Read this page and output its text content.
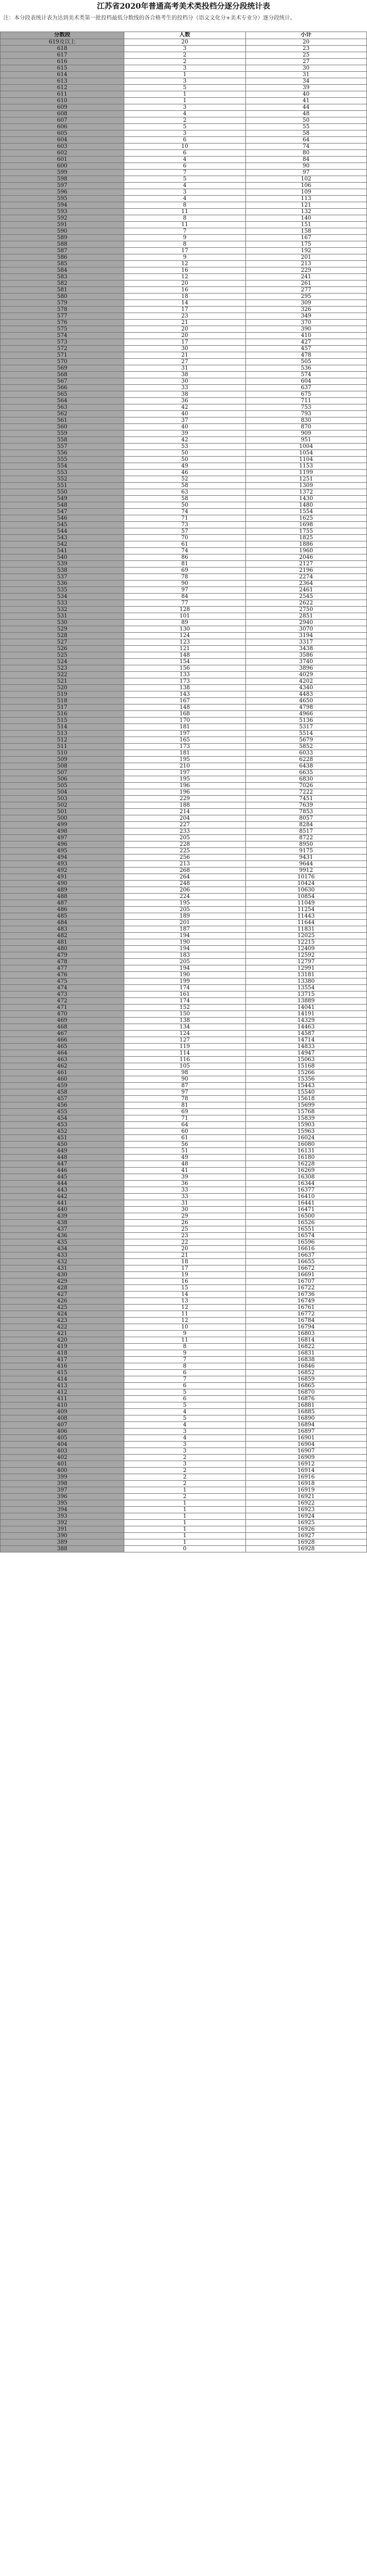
江苏省2020年普通高考美术类投档分逐分段统计表
注：本分段表统计表为达到美术类第一批投档最低分数线的各合格考生的投档分（语文文化分+美术专业分）逐分段统计。
分数段	人数	小计
619及以上	20	20
618	3	23
617	2	25
616	2	27
615	3	30
614	1	31
613	3	34
612	5	39
611	1	40
610	1	41
609	3	44
608	4	48
607	2	50
606	5	55
605	3	58
604	6	64
603	10	74
602	6	80
601	4	84
600	6	90
599	7	97
598	5	102
597	4	106
596	3	109
595	4	113
594	8	121
593	11	132
592	8	140
591	11	151
590	7	158
589	9	167
588	8	175
587	17	192
586	9	201
585	12	213
584	16	229
583	12	241
582	20	261
581	16	277
580	18	295
579	14	309
578	17	326
577	23	349
576	21	370
575	20	390
574	20	410
573	17	427
572	30	457
571	21	478
570	27	505
569	31	536
568	38	574
567	30	604
566	33	637
565	38	675
564	36	711
563	42	753
562	40	793
561	37	830
560	40	870
559	39	909
558	42	951
557	53	1004
556	50	1054
555	50	1104
554	49	1153
553	46	1199
552	52	1251
551	58	1309
550	63	1372
549	58	1430
548	50	1480
547	74	1554
546	71	1625
545	73	1698
544	57	1755
543	70	1825
542	61	1886
541	74	1960
540	86	2046
539	81	2127
538	69	2196
537	78	2274
536	90	2364
535	97	2461
534	84	2545
533	77	2622
532	128	2750
531	101	2851
530	89	2940
529	130	3070
528	124	3194
527	123	3317
526	121	3438
525	148	3586
524	154	3740
523	156	3896
522	133	4029
521	173	4202
520	138	4340
519	143	4483
518	167	4650
517	148	4798
516	168	4966
515	170	5136
514	181	5317
513	197	5514
512	165	5679
511	173	5852
510	181	6033
509	195	6228
508	210	6438
507	197	6635
506	195	6830
505	196	7026
504	196	7222
503	229	7451
502	188	7639
501	214	7853
500	204	8057
499	227	8284
498	233	8517
497	205	8722
496	228	8950
495	225	9175
494	256	9431
493	213	9644
492	268	9912
491	264	10176
490	248	10424
489	206	10630
488	224	10854
487	195	11049
486	205	11254
485	189	11443
484	201	11644
483	187	11831
482	194	12025
481	190	12215
480	194	12409
479	183	12592
478	205	12797
477	194	12991
476	190	13181
475	199	13380
474	174	13554
473	161	13715
472	174	13889
471	152	14041
470	150	14191
469	138	14329
468	134	14463
467	124	14587
466	127	14714
465	119	14833
464	114	14947
463	116	15063
462	105	15168
461	98	15266
460	90	15356
459	87	15443
458	97	15540
457	78	15618
456	81	15699
455	69	15768
454	71	15839
453	64	15903
452	60	15963
451	61	16024
450	56	16080
449	51	16131
448	49	16180
447	48	16228
446	41	16269
445	39	16308
444	36	16344
443	33	16377
442	33	16410
441	31	16441
440	30	16471
439	29	16500
438	26	16526
437	25	16551
436	23	16574
435	22	16596
434	20	16616
433	21	16637
432	18	16655
431	17	16672
430	19	16691
429	16	16707
428	15	16722
427	14	16736
426	13	16749
425	12	16761
424	11	16772
423	12	16784
422	10	16794
421	9	16803
420	11	16814
419	8	16822
418	9	16831
417	7	16838
416	8	16846
415	6	16852
414	7	16859
413	6	16865
412	5	16870
411	6	16876
410	5	16881
409	4	16885
408	5	16890
407	4	16894
406	3	16897
405	4	16901
404	3	16904
403	3	16907
402	2	16909
401	3	16912
400	2	16914
399	2	16916
398	2	16918
397	1	16919
396	2	16921
395	1	16922
394	1	16923
393	1	16924
392	1	16925
391	1	16926
390	1	16927
389	1	16928
388	0	16928
